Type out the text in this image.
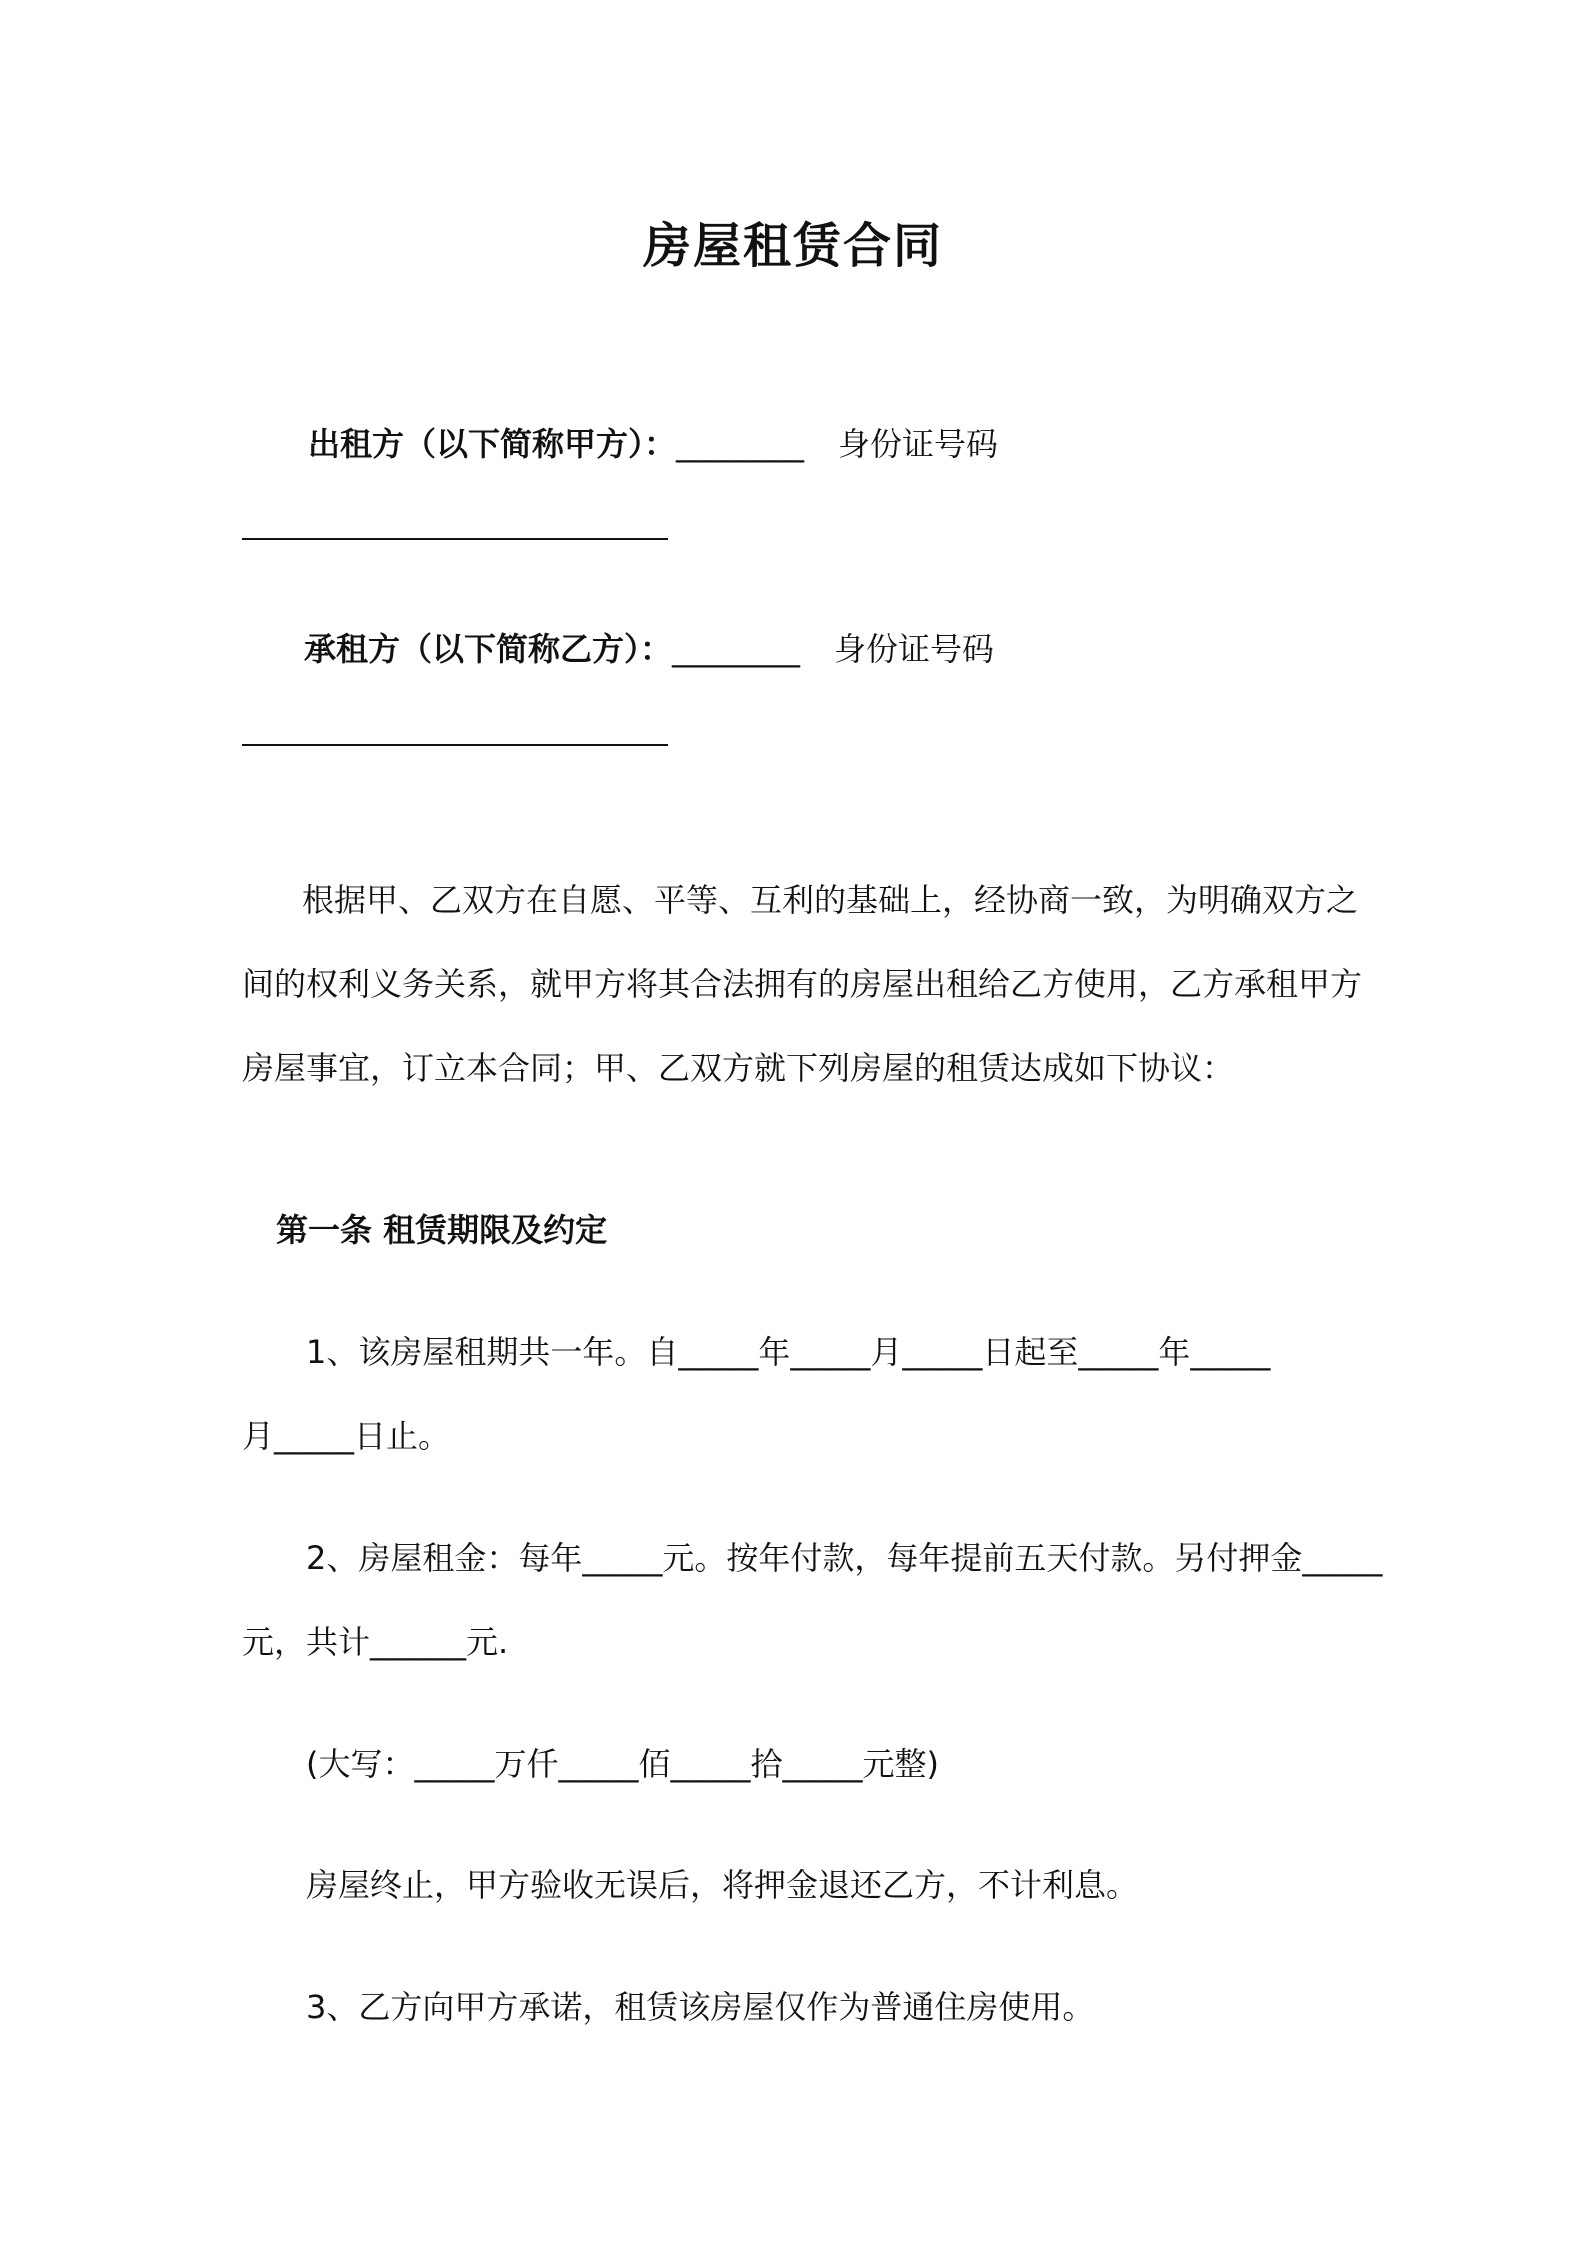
房屋租赁合同
出租方（以下简称甲方）：________ 身份证号码
承租方（以下简称乙方）：________ 身份证号码
根据甲、乙双方在自愿、平等、互利的基础上，经协商一致，为明确双方之
间的权利义务关系，就甲方将其合法拥有的房屋出租给乙方使用，乙方承租甲方
房屋事宜，订立本合同；甲、乙双方就下列房屋的租赁达成如下协议：
第一条 租赁期限及约定
1、该房屋租期共一年。自_____年_____月_____日起至_____年_____
月_____日止。
2、房屋租金：每年_____元。按年付款，每年提前五天付款。另付押金_____
元，共计______元.
(大写：_____万仟_____佰_____拾_____元整)
房屋终止，甲方验收无误后，将押金退还乙方，不计利息。
3、乙方向甲方承诺，租赁该房屋仅作为普通住房使用。
